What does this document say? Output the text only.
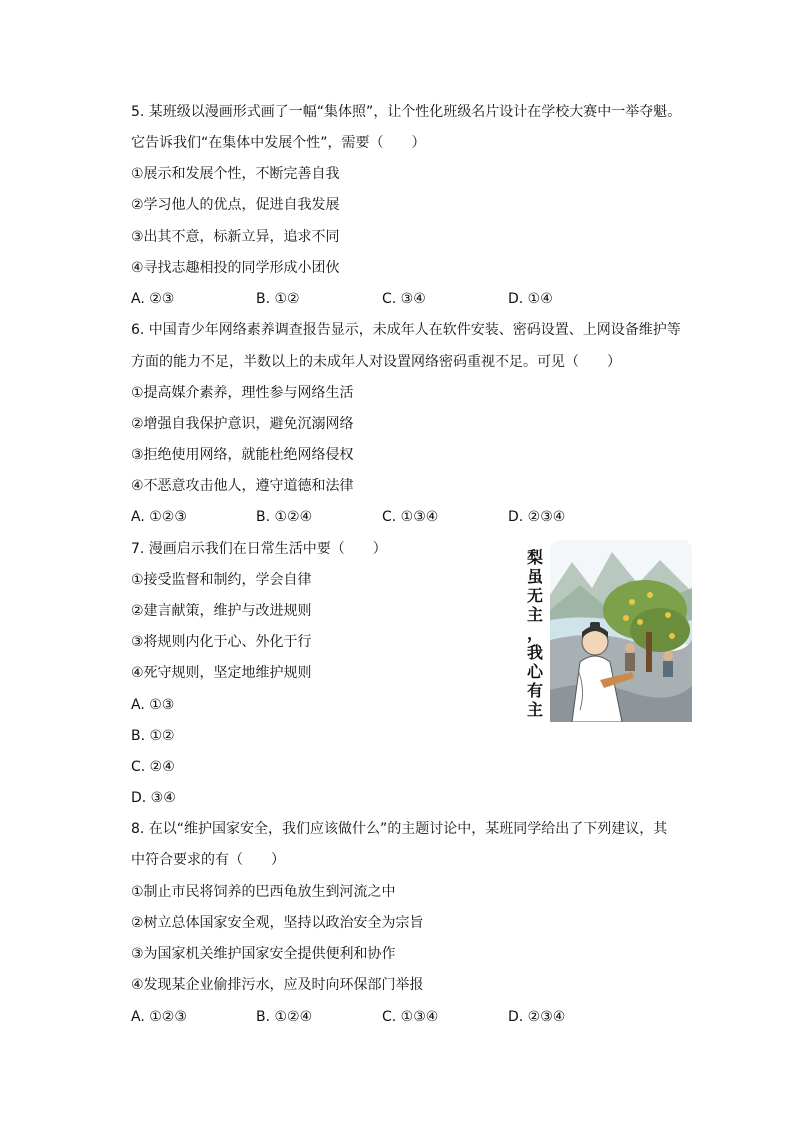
5. 某班级以漫画形式画了一幅“集体照”，让个性化班级名片设计在学校大赛中一举夺魁。
它告诉我们“在集体中发展个性”，需要（　　）
①展示和发展个性，不断完善自我
②学习他人的优点，促进自我发展
③出其不意，标新立异，追求不同
④寻找志趣相投的同学形成小团伙
A. ②③	B. ①②	C. ③④	D. ①④
6. 中国青少年网络素养调查报告显示，未成年人在软件安装、密码设置、上网设备维护等
方面的能力不足，半数以上的未成年人对设置网络密码重视不足。可见（　　）
①提高媒介素养，理性参与网络生活
②增强自我保护意识，避免沉溺网络
③拒绝使用网络，就能杜绝网络侵权
④不恶意攻击他人，遵守道德和法律
A. ①②③	B. ①②④	C. ①③④	D. ②③④
7. 漫画启示我们在日常生活中要（　　）
①接受监督和制约，学会自律
②建言献策，维护与改进规则
③将规则内化于心、外化于行
④死守规则，坚定地维护规则
A. ①③
B. ①②
C. ②④
D. ③④
梨
虽
无
主
，
我
心
有
主
8. 在以“维护国家安全，我们应该做什么”的主题讨论中，某班同学给出了下列建议，其
中符合要求的有（　　）
①制止市民将饲养的巴西龟放生到河流之中
②树立总体国家安全观，坚持以政治安全为宗旨
③为国家机关维护国家安全提供便利和协作
④发现某企业偷排污水，应及时向环保部门举报
A. ①②③	B. ①②④	C. ①③④	D. ②③④
